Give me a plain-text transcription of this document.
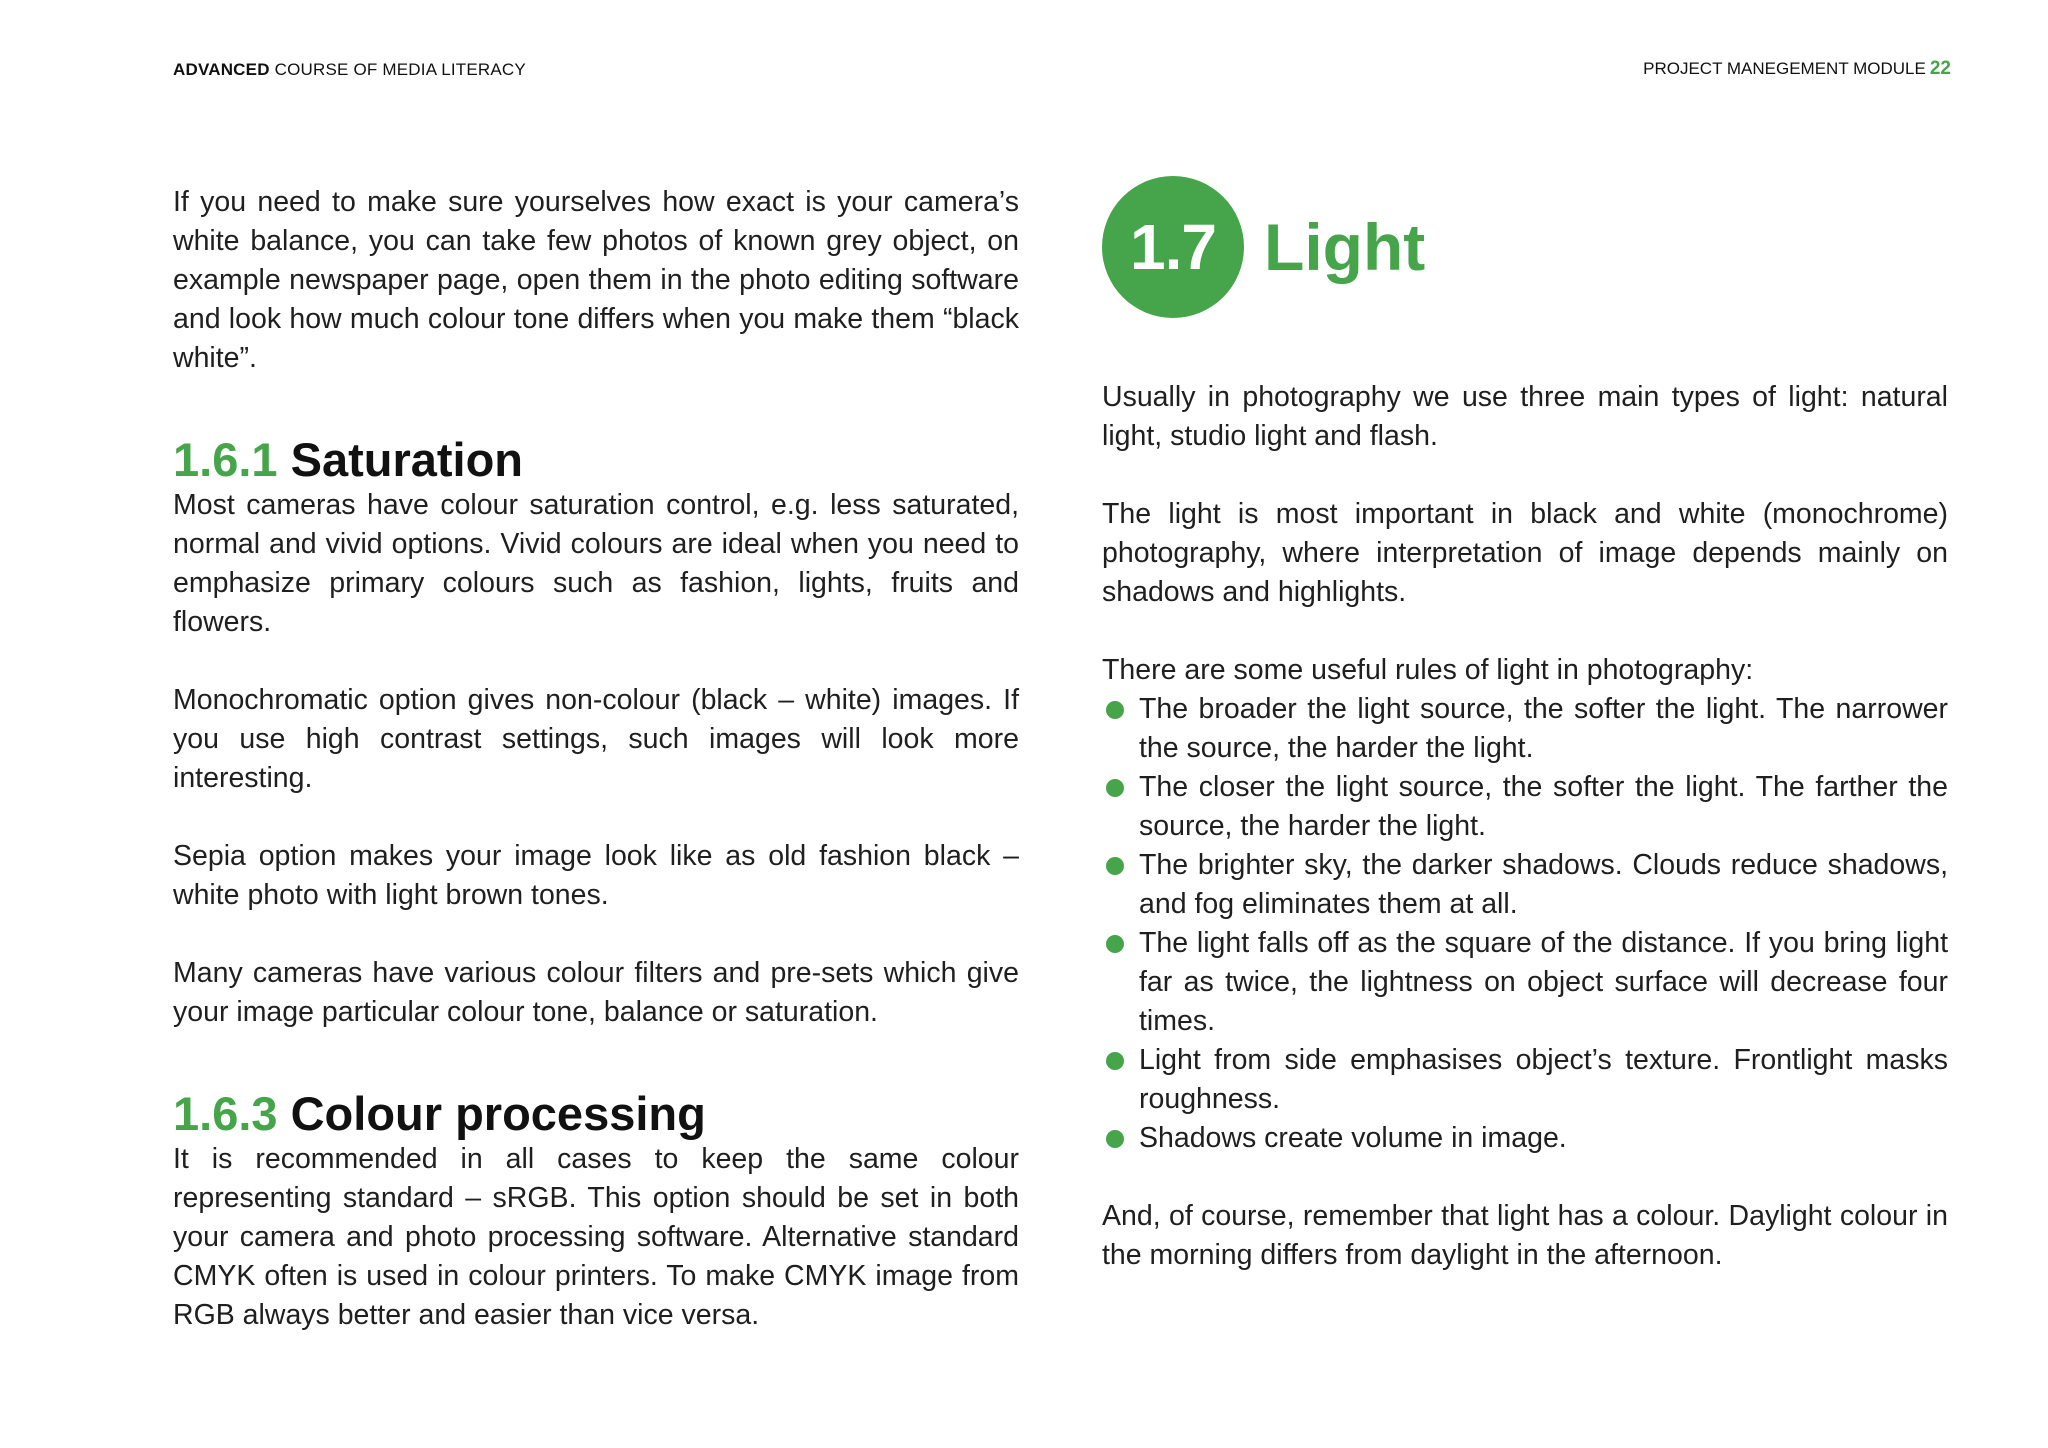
ADVANCED COURSE OF MEDIA LITERACY	PROJECT MANEGEMENT MODULE 22

If you need to make sure yourselves how exact is your camera’s white balance, you can take few photos of known grey object, on example newspaper page, open them in the photo editing software and look how much colour tone differs when you make them “black white”.

1.6.1 Saturation

Most cameras have colour saturation control, e.g. less saturated, normal and vivid options. Vivid colours are ideal when you need to emphasize primary colours such as fashion, lights, fruits and flowers.

Monochromatic option gives non-colour (black – white) images. If you use high contrast settings, such images will look more interesting.

Sepia option makes your image look like as old fashion black – white photo with light brown tones.

Many cameras have various colour filters and pre-sets which give your image particular colour tone, balance or saturation.

1.6.3 Colour processing

It is recommended in all cases to keep the same colour representing standard – sRGB. This option should be set in both your camera and photo processing software. Alternative standard CMYK often is used in colour printers. To make CMYK image from RGB always better and easier than vice versa.

1.7 Light

Usually in photography we use three main types of light: natural light, studio light and flash.

The light is most important in black and white (monochrome) photography, where interpretation of image depends mainly on shadows and highlights.

There are some useful rules of light in photography:

The broader the light source, the softer the light. The narrower the source, the harder the light.
The closer the light source, the softer the light. The farther the source, the harder the light.
The brighter sky, the darker shadows. Clouds reduce shadows, and fog eliminates them at all.
The light falls off as the square of the distance. If you bring light far as twice, the lightness on object surface will decrease four times.
Light from side emphasises object’s texture. Frontlight masks roughness.
Shadows create volume in image.

And, of course, remember that light has a colour. Daylight colour in the morning differs from daylight in the afternoon.
